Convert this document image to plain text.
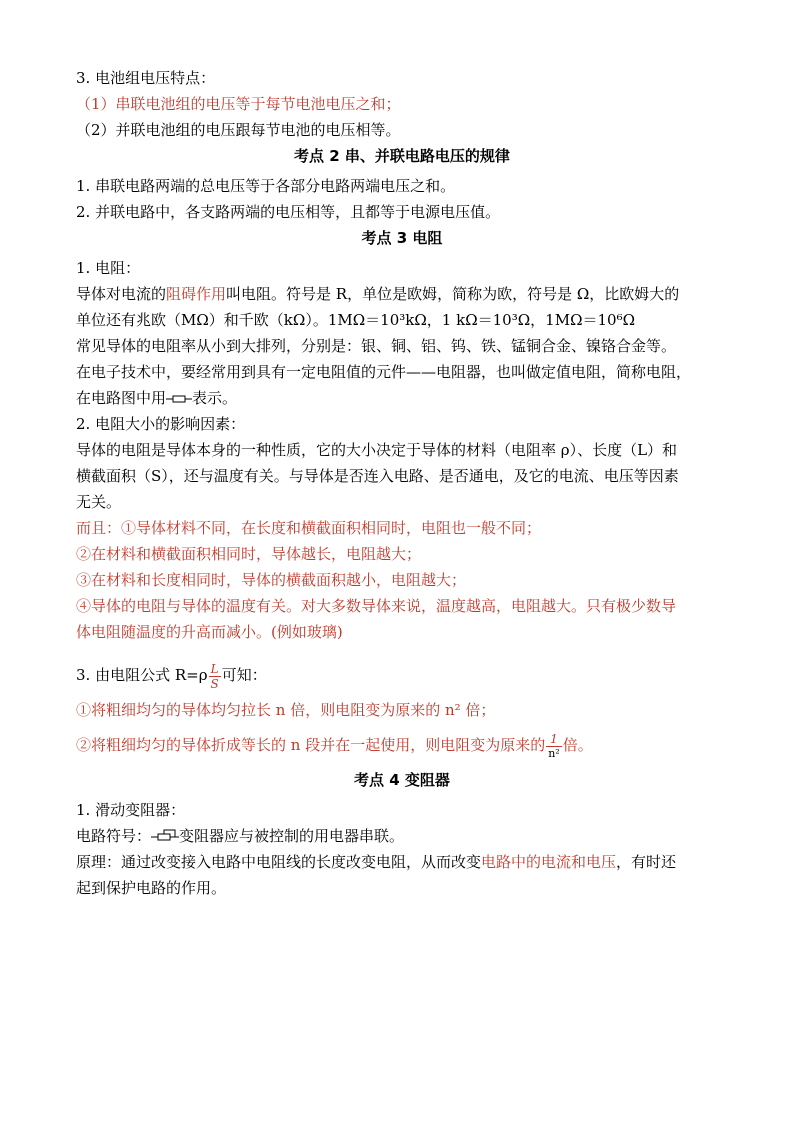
3. 电池组电压特点：
（1）串联电池组的电压等于每节电池电压之和；
（2）并联电池组的电压跟每节电池的电压相等。
考点 2 串、并联电路电压的规律
1. 串联电路两端的总电压等于各部分电路两端电压之和。
2. 并联电路中，各支路两端的电压相等，且都等于电源电压值。
考点 3 电阻
1. 电阻：
导体对电流的阻碍作用叫电阻。符号是 R，单位是欧姆，简称为欧，符号是 Ω，比欧姆大的
单位还有兆欧（MΩ）和千欧（kΩ）。1MΩ＝10³kΩ，1 kΩ＝10³Ω，1MΩ＝10⁶Ω
常见导体的电阻率从小到大排列，分别是：银、铜、铝、钨、铁、锰铜合金、镍铬合金等。
在电子技术中，要经常用到具有一定电阻值的元件——电阻器，也叫做定值电阻，简称电阻，
在电路图中用 表示。
2. 电阻大小的影响因素：
导体的电阻是导体本身的一种性质，它的大小决定于导体的材料（电阻率 ρ）、长度（L）和
横截面积（S），还与温度有关。与导体是否连入电路、是否通电，及它的电流、电压等因素
无关。
而且：①导体材料不同，在长度和横截面积相同时，电阻也一般不同；
②在材料和横截面积相同时，导体越长，电阻越大；
③在材料和长度相同时，导体的横截面积越小，电阻越大；
④导体的电阻与导体的温度有关。对大多数导体来说，温度越高，电阻越大。只有极少数导
体电阻随温度的升高而减小。(例如玻璃)
3. 由电阻公式 $R=\rho \frac{L}{S}$ 可知：
①将粗细均匀的导体均匀拉长 n 倍，则电阻变为原来的 n² 倍；
②将粗细均匀的导体折成等长的 n 段并在一起使用，则电阻变为原来的 $\frac{1}{\text{n²}}$ 倍。
考点 4 变阻器
1. 滑动变阻器：
电路符号： 变阻器应与被控制的用电器串联。
原理：通过改变接入电路中电阻线的长度改变电阻，从而改变电路中的电流和电压，有时还
起到保护电路的作用。
